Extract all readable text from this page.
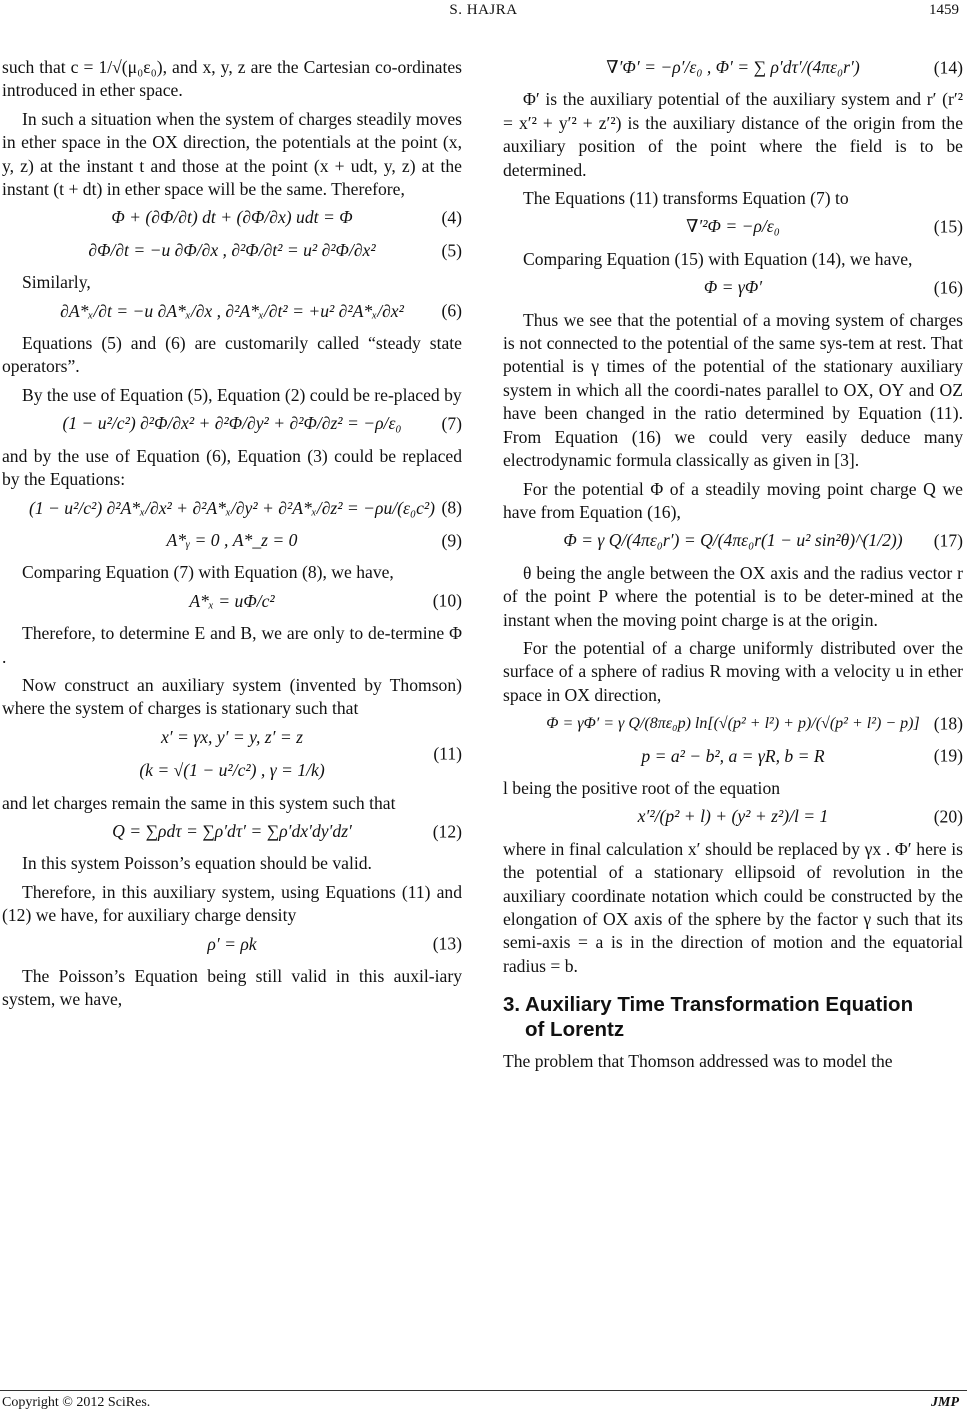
S. HAJRA	1459

such that c = 1/√(μ₀ε₀), and x, y, z are the Cartesian co-ordinates introduced in ether space.

In such a situation when the system of charges steadily moves in ether space in the OX direction, the potentials at the point (x, y, z) at the instant t and those at the point (x + udt, y, z) at the instant (t + dt) in ether space will be the same. Therefore,

Φ + (∂Φ/∂t) dt + (∂Φ/∂x) udt = Φ	(4)
∂Φ/∂t = −u ∂Φ/∂x , ∂²Φ/∂t² = u² ∂²Φ/∂x²	(5)

Similarly,

∂A*ₓ/∂t = −u ∂A*ₓ/∂x , ∂²A*ₓ/∂t² = +u² ∂²A*ₓ/∂x² (6)

Equations (5) and (6) are customarily called “steady state operators”.

By the use of Equation (5), Equation (2) could be re-placed by

(1 − u²/c²) ∂²Φ/∂x² + ∂²Φ/∂y² + ∂²Φ/∂z² = −ρ/ε₀ (7)

and by the use of Equation (6), Equation (3) could be replaced by the Equations:

(1 − u²/c²) ∂²A*ₓ/∂x² + ∂²A*ₓ/∂y² + ∂²A*ₓ/∂z² = −ρu/(ε₀c²) (8)
A*ᵧ = 0 , A*_z = 0	(9)

Comparing Equation (7) with Equation (8), we have,

A*ₓ = uΦ/c²	(10)

Therefore, to determine E and B, we are only to de-termine Φ .

Now construct an auxiliary system (invented by Thomson) where the system of charges is stationary such that

x′ = γx, y′ = y, z′ = z
(k = √(1 − u²/c²) , γ = 1/k)
(11)

and let charges remain the same in this system such that

Q = ∑ρdτ = ∑ρ′dτ′ = ∑ρ′dx′dy′dz′	(12)

In this system Poisson’s equation should be valid.

Therefore, in this auxiliary system, using Equations (11) and (12) we have, for auxiliary charge density

ρ′ = ρk	(13)

The Poisson’s Equation being still valid in this auxil-iary system, we have,

∇′Φ′ = −ρ′/ε₀ , Φ′ = ∑ ρ′dτ′/(4πε₀r′)	(14)

Φ′ is the auxiliary potential of the auxiliary system and r′ (r′² = x′² + y′² + z′²) is the auxiliary distance of the origin from the auxiliary position of the point where the field is to be determined.

The Equations (11) transforms Equation (7) to

∇′²Φ = −ρ/ε₀	(15)

Comparing Equation (15) with Equation (14), we have,

Φ = γΦ′	(16)

Thus we see that the potential of a moving system of charges is not connected to the potential of the same sys-tem at rest. That potential is γ times of the potential of the stationary auxiliary system in which all the coordi-nates parallel to OX, OY and OZ have been changed in the ratio determined by Equation (11). From Equation (16) we could very easily deduce many electrodynamic formula classically as given in [3].

For the potential Φ of a steadily moving point charge Q we have from Equation (16),

Φ = γ Q/(4πε₀r′) = Q/(4πε₀r(1 − u² sin²θ)^(1/2)) (17)

θ being the angle between the OX axis and the radius vector r of the point P where the potential is to be deter-mined at the instant when the moving point charge is at the origin.

For the potential of a charge uniformly distributed over the surface of a sphere of radius R moving with a velocity u in ether space in OX direction,

Φ = γΦ′ = γ Q/(8πε₀p) ln[(√(p² + l²) + p)/(√(p² + l²) − p)] (18)
p = a² − b², a = γR, b = R	(19)

l being the positive root of the equation

x′²/(p² + l) + (y² + z²)/l = 1	(20)

where in final calculation x′ should be replaced by γx . Φ′ here is the potential of a stationary ellipsoid of revolution in the auxiliary coordinate notation which could be constructed by the elongation of OX axis of the sphere by the factor γ such that its semi-axis = a is in the direction of motion and the equatorial radius = b.

3. Auxiliary Time Transformation Equation
of Lorentz

The problem that Thomson addressed was to model the

Copyright © 2012 SciRes.	JMP
